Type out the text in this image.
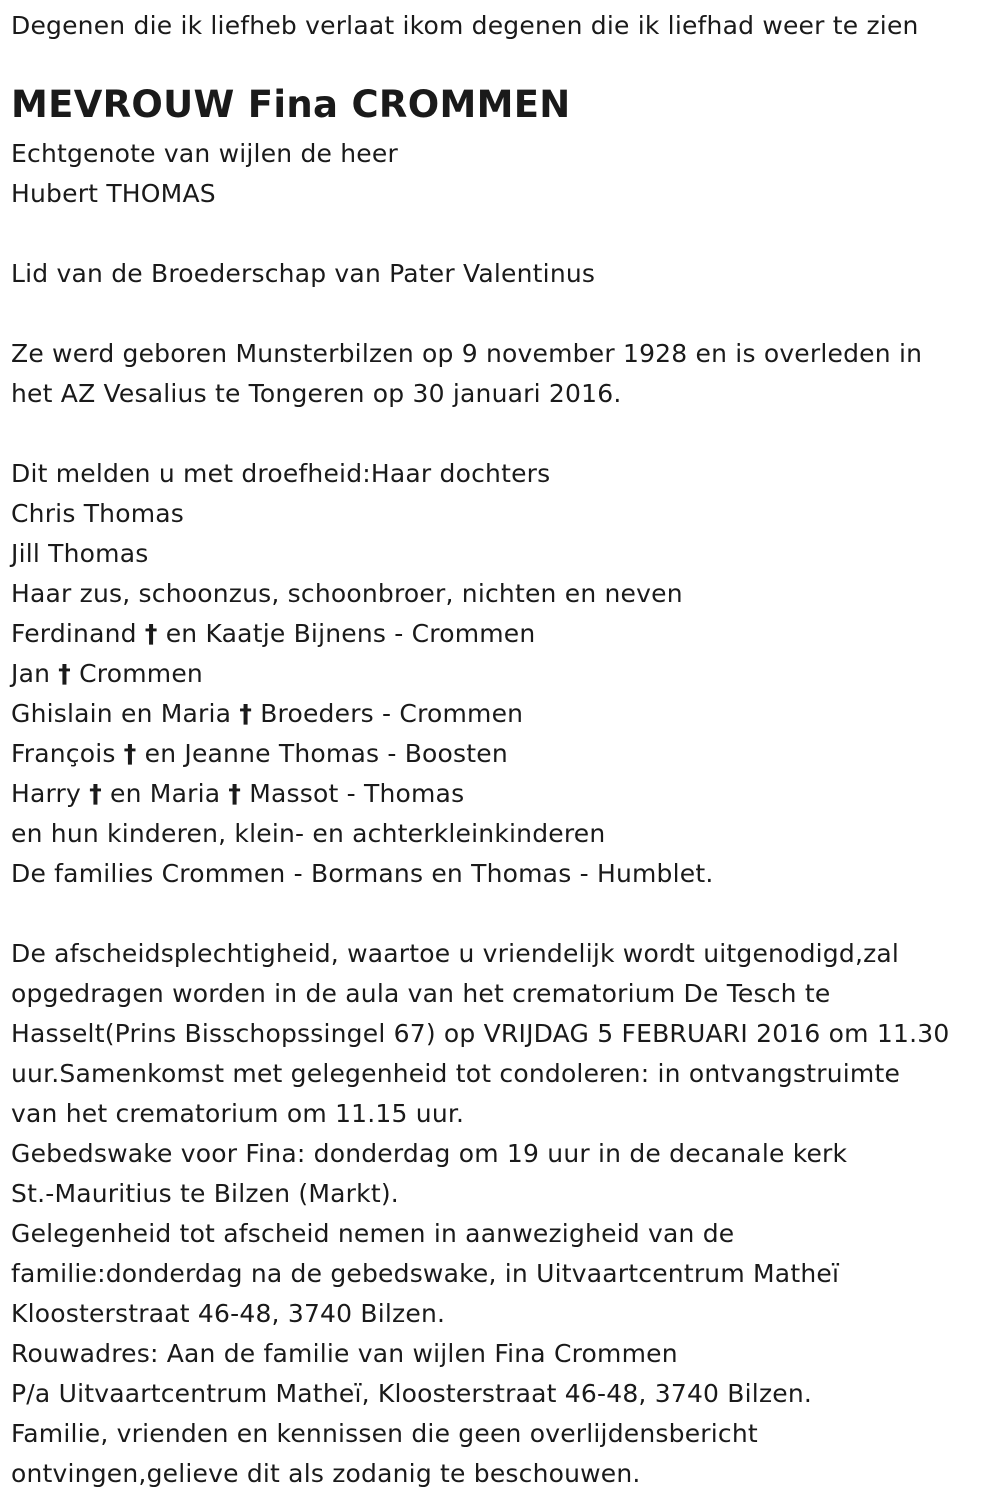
Degenen die ik liefheb verlaat ikom degenen die ik liefhad weer te zien
MEVROUW Fina CROMMEN
Echtgenote van wijlen de heer
Hubert THOMAS
Lid van de Broederschap van Pater Valentinus
Ze werd geboren Munsterbilzen op 9 november 1928 en is overleden in
het AZ Vesalius te Tongeren op 30 januari 2016.
Dit melden u met droefheid:Haar dochters
Chris Thomas
Jill Thomas
Haar zus, schoonzus, schoonbroer, nichten en neven
Ferdinand † en Kaatje Bijnens - Crommen
Jan † Crommen
Ghislain en Maria † Broeders - Crommen
François † en Jeanne Thomas - Boosten
Harry † en Maria † Massot - Thomas
en hun kinderen, klein- en achterkleinkinderen
De families Crommen - Bormans en Thomas - Humblet.
De afscheidsplechtigheid, waartoe u vriendelijk wordt uitgenodigd,zal
opgedragen worden in de aula van het crematorium De Tesch te
Hasselt(Prins Bisschopssingel 67) op VRIJDAG 5 FEBRUARI 2016 om 11.30
uur.Samenkomst met gelegenheid tot condoleren: in ontvangstruimte
van het crematorium om 11.15 uur.
Gebedswake voor Fina: donderdag om 19 uur in de decanale kerk
St.-Mauritius te Bilzen (Markt).
Gelegenheid tot afscheid nemen in aanwezigheid van de
familie:donderdag na de gebedswake, in Uitvaartcentrum Matheï
Kloosterstraat 46-48, 3740 Bilzen.
Rouwadres: Aan de familie van wijlen Fina Crommen
P/a Uitvaartcentrum Matheï, Kloosterstraat 46-48, 3740 Bilzen.
Familie, vrienden en kennissen die geen overlijdensbericht
ontvingen,gelieve dit als zodanig te beschouwen.
